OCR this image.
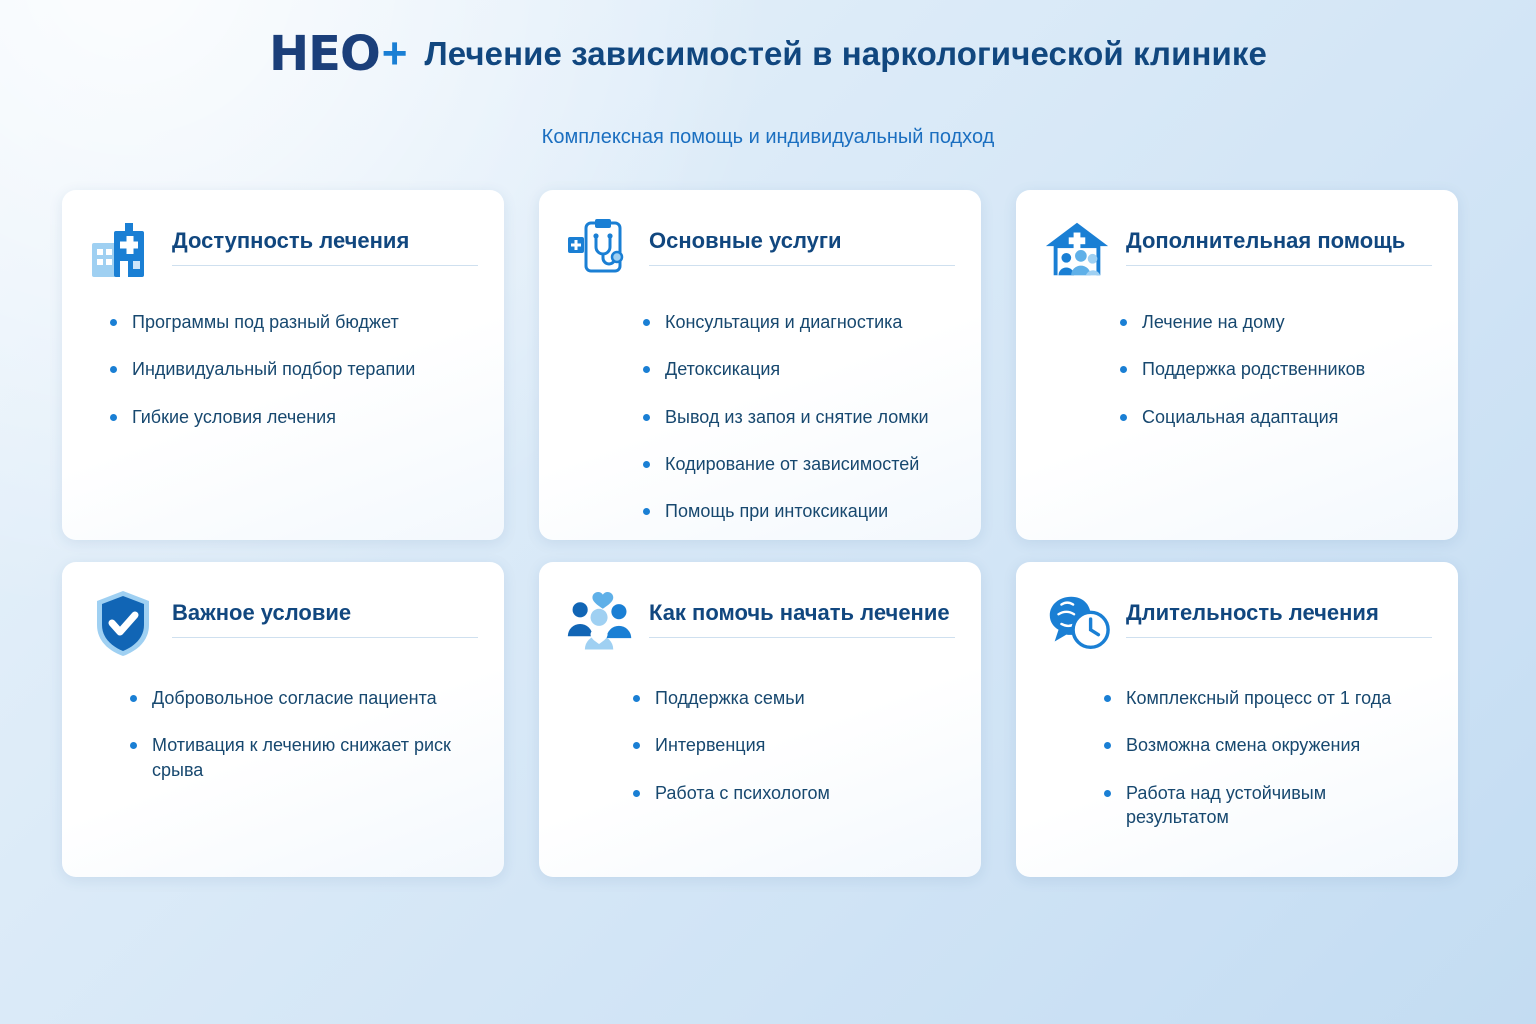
HEO + Лечение зависимостей в наркологической клинике
Комплексная помощь и индивидуальный подход
Доступность лечения
Программы под разный бюджет
Индивидуальный подбор терапии
Гибкие условия лечения
Основные услуги
Консультация и диагностика
Детоксикация
Вывод из запоя и снятие ломки
Кодирование от зависимостей
Помощь при интоксикации
Дополнительная помощь
Лечение на дому
Поддержка родственников
Социальная адаптация
Важное условие
Добровольное согласие пациента
Мотивация к лечению снижает риск срыва
Как помочь начать лечение
Поддержка семьи
Интервенция
Работа с психологом
Длительность лечения
Комплексный процесс от 1 года
Возможна смена окружения
Работа над устойчивым результатом
